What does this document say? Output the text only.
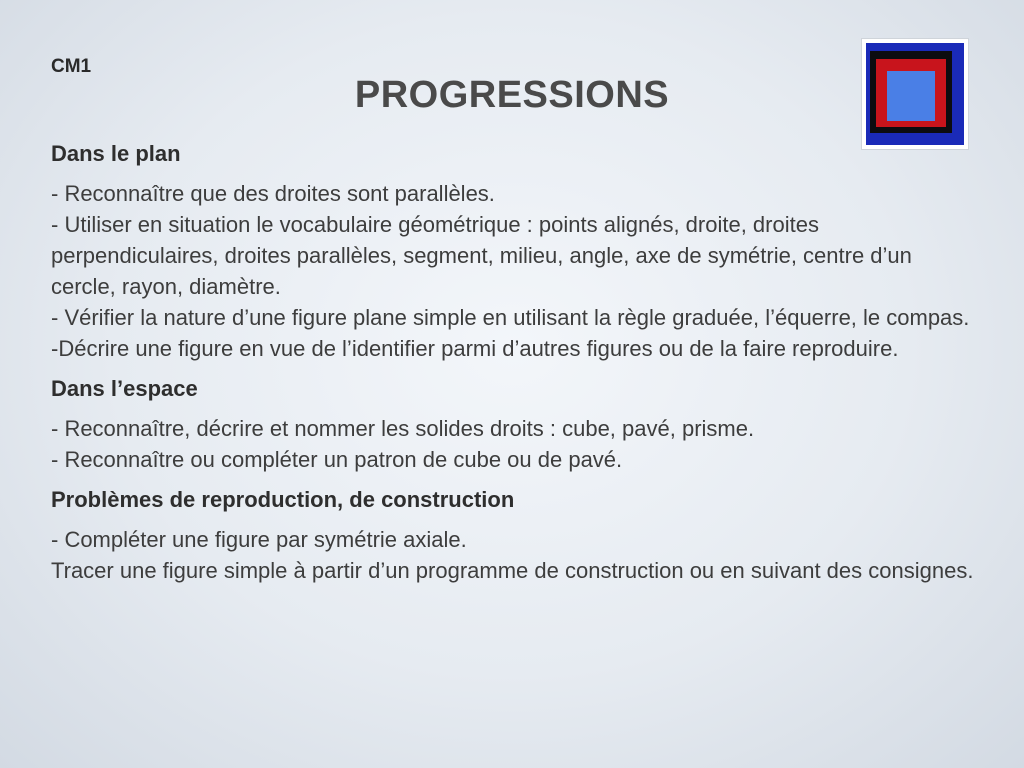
CM1
PROGRESSIONS
Dans le plan
- Reconnaître que des droites sont parallèles.
- Utiliser en situation le vocabulaire géométrique : points alignés, droite, droites perpendiculaires, droites parallèles, segment, milieu, angle, axe de symétrie, centre d’un cercle, rayon, diamètre.
- Vérifier la nature d’une figure plane simple en utilisant la règle graduée, l’équerre, le compas.
-Décrire une figure en vue de l’identifier parmi d’autres figures ou de la faire reproduire.
Dans l’espace
- Reconnaître, décrire et nommer les solides droits : cube, pavé, prisme.
- Reconnaître ou compléter un patron de cube ou de pavé.
Problèmes de reproduction, de construction
- Compléter une figure par symétrie axiale.
Tracer une figure simple à partir d’un programme de construction ou en suivant des consignes.
